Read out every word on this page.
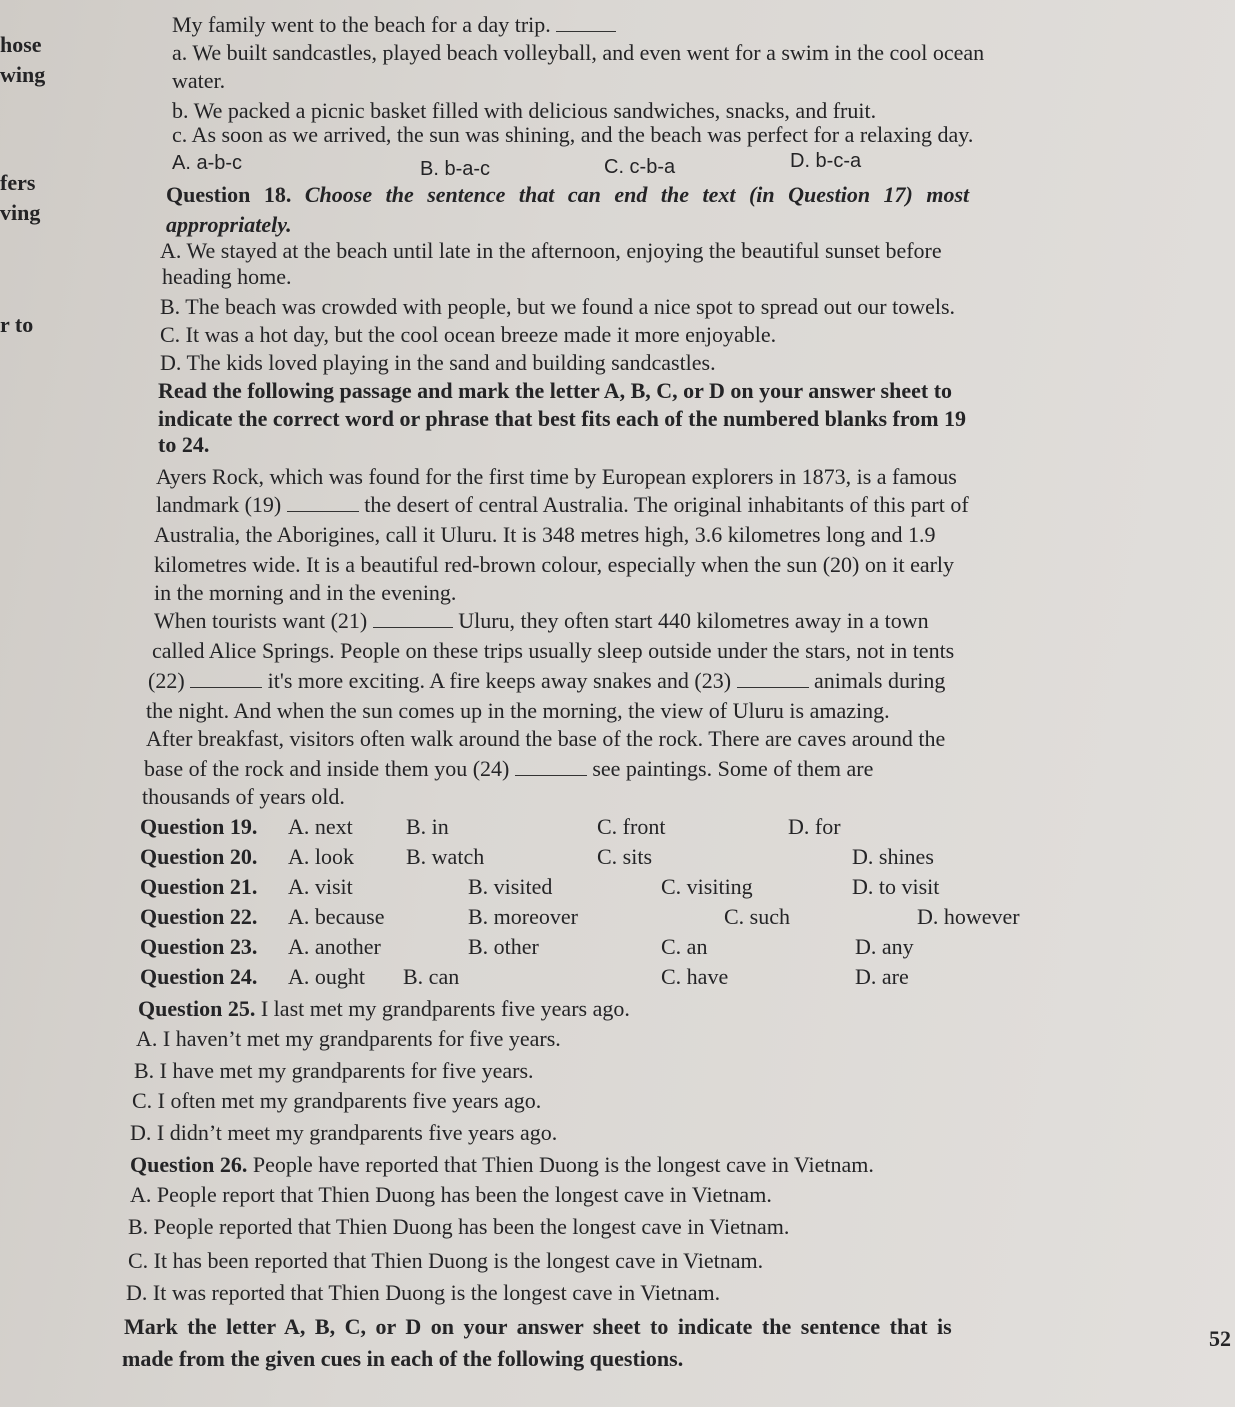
hose
wing
fers
ving
r to
My family went to the beach for a day trip.
a. We built sandcastles, played beach volleyball, and even went for a swim in the cool ocean
water.
b. We packed a picnic basket filled with delicious sandwiches, snacks, and fruit.
c. As soon as we arrived, the sun was shining, and the beach was perfect for a relaxing day.
A. a-b-c	B. b-a-c	C. c-b-a	D. b-c-a
Question 18. Choose the sentence that can end the text (in Question 17) most
appropriately.
A. We stayed at the beach until late in the afternoon, enjoying the beautiful sunset before
heading home.
B. The beach was crowded with people, but we found a nice spot to spread out our towels.
C. It was a hot day, but the cool ocean breeze made it more enjoyable.
D. The kids loved playing in the sand and building sandcastles.
Read the following passage and mark the letter A, B, C, or D on your answer sheet to
indicate the correct word or phrase that best fits each of the numbered blanks from 19
to 24.
Ayers Rock, which was found for the first time by European explorers in 1873, is a famous
landmark (19)	the desert of central Australia. The original inhabitants of this part of
Australia, the Aborigines, call it Uluru. It is 348 metres high, 3.6 kilometres long and 1.9
kilometres wide. It is a beautiful red-brown colour, especially when the sun (20) on it early
in the morning and in the evening.
When tourists want (21)	Uluru, they often start 440 kilometres away in a town
called Alice Springs. People on these trips usually sleep outside under the stars, not in tents
(22)	it's more exciting. A fire keeps away snakes and (23)	animals during
the night. And when the sun comes up in the morning, the view of Uluru is amazing.
After breakfast, visitors often walk around the base of the rock. There are caves around the
base of the rock and inside them you (24)	see paintings. Some of them are
thousands of years old.
Question 19. A. next B. in	C. front	D. for
Question 20. A. look B. watch	C. sits	D. shines
Question 21. A. visit	B. visited	C. visiting	D. to visit
Question 22. A. because	B. moreover	C. such	D. however
Question 23. A. another	B. other	C. an	D. any
Question 24. A. ought B. can	C. have	D. are
Question 25. I last met my grandparents five years ago.
A. I haven’t met my grandparents for five years.
B. I have met my grandparents for five years.
C. I often met my grandparents five years ago.
D. I didn’t meet my grandparents five years ago.
Question 26. People have reported that Thien Duong is the longest cave in Vietnam.
A. People report that Thien Duong has been the longest cave in Vietnam.
B. People reported that Thien Duong has been the longest cave in Vietnam.
C. It has been reported that Thien Duong is the longest cave in Vietnam.
D. It was reported that Thien Duong is the longest cave in Vietnam.
Mark the letter A, B, C, or D on your answer sheet to indicate the sentence that is
made from the given cues in each of the following questions.
52
